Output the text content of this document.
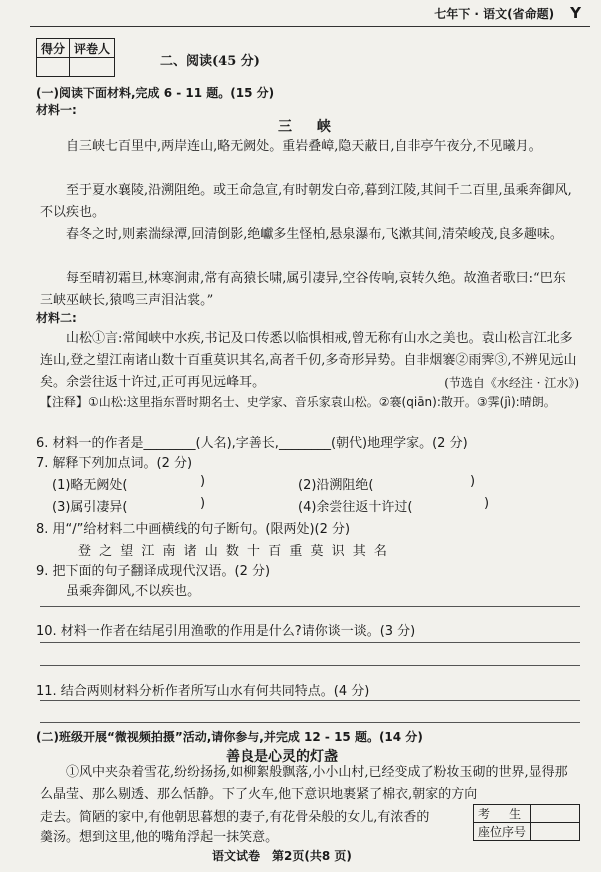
七年下 · 语文(省命题) Y
得分	评卷人

二、阅读(45 分)
(一)阅读下面材料,完成 6 - 11 题。(15 分)
材料一:
三 峡
自三峡七百里中,两岸连山,略无阙处。重岩叠嶂,隐天蔽日,自非亭午夜分,不见曦月。
至于夏水襄陵,沿溯阻绝。或王命急宣,有时朝发白帝,暮到江陵,其间千二百里,虽乘奔御风,不以疾也。
春冬之时,则素湍绿潭,回清倒影,绝巘多生怪柏,悬泉瀑布,飞漱其间,清荣峻茂,良多趣味。
每至晴初霜旦,林寒涧肃,常有高猿长啸,属引凄异,空谷传响,哀转久绝。故渔者歌曰:“巴东三峡巫峡长,猿鸣三声泪沾裳。”
材料二:
山松①言:常闻峡中水疾,书记及口传悉以临惧相戒,曾无称有山水之美也。袁山松言江北多连山,登之望江南诸山数十百重莫识其名,高者千仞,多奇形异势。自非烟褰②雨霁③,不辨见远山矣。余尝往返十许过,正可再见远峰耳。	(节选自《水经注 · 江水》)
【注释】①山松:这里指东晋时期名士、史学家、音乐家袁山松。②褰(qiān):散开。③霁(jì):晴朗。
6. 材料一的作者是________(人名),字善长,________(朝代)地理学家。(2 分)
7. 解释下列加点词。(2 分)
(1)略无阙处(	)	(2)沿溯阻绝(	)
(3)属引凄异(	)	(4)余尝往返十许过(	)
8. 用“/”给材料二中画横线的句子断句。(限两处)(2 分)
登 之 望 江 南 诸 山 数 十 百 重 莫 识 其 名
9. 把下面的句子翻译成现代汉语。(2 分)
虽乘奔御风,不以疾也。
10. 材料一作者在结尾引用渔歌的作用是什么?请你谈一谈。(3 分)
11. 结合两则材料分析作者所写山水有何共同特点。(4 分)
(二)班级开展“微视频拍摄”活动,请你参与,并完成 12 - 15 题。(14 分)
善良是心灵的灯盏
①风中夹杂着雪花,纷纷扬扬,如柳絮般飘落,小小山村,已经变成了粉妆玉砌的世界,显得那么晶莹、那么剔透、那么恬静。下了火车,他下意识地裹紧了棉衣,朝家的方向
走去。简陋的家中,有他朝思暮想的妻子,有花骨朵般的女儿,有浓香的
羹汤。想到这里,他的嘴角浮起一抹笑意。
考 生	
座位序号	
语文试卷　第2页(共8 页)
